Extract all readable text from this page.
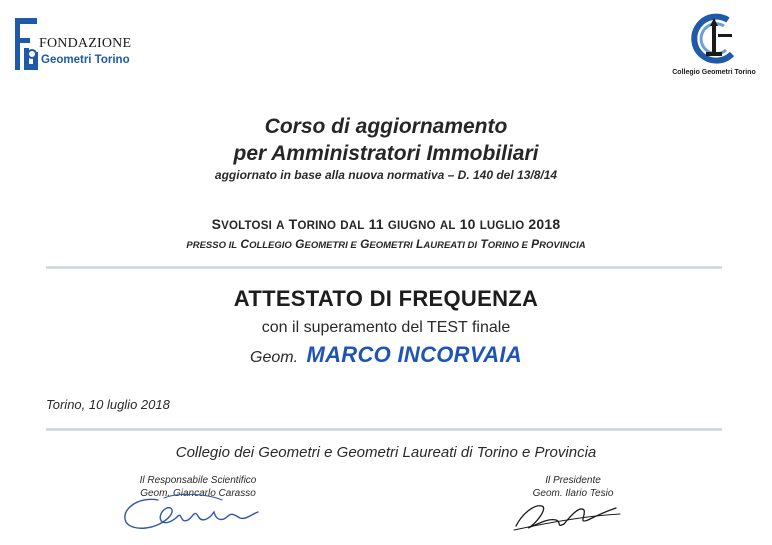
FONDAZIONE
Geometri Torino
Collegio Geometri Torino
Corso di aggiornamento
per Amministratori Immobiliari
aggiornato in base alla nuova normativa – D. 140 del 13/8/14
SVOLTOSI A TORINO DAL 11 GIUGNO AL 10 LUGLIO 2018
PRESSO IL COLLEGIO GEOMETRI E GEOMETRI LAUREATI DI TORINO E PROVINCIA
ATTESTATO DI FREQUENZA
con il superamento del TEST finale
Geom. MARCO INCORVAIA
Torino, 10 luglio 2018
Collegio dei Geometri e Geometri Laureati di Torino e Provincia
Il Responsabile Scientifico
Geom. Giancarlo Carasso
Il Presidente
Geom. Ilario Tesio
